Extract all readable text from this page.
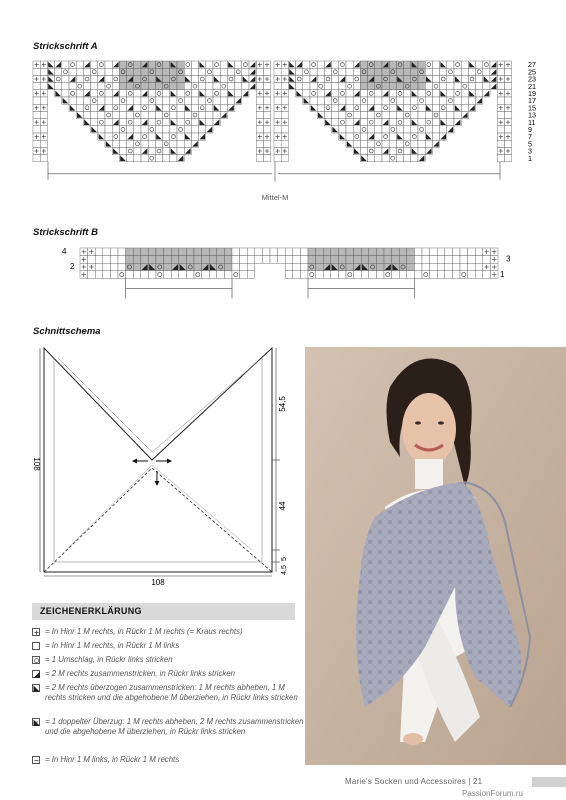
Strickschrift A
27
25
23
21
19
17
15
13
11
9
7
5
3
1
Mittel-M
Strickschrift B
4
2
3
1
Schnittschema
108
108
54,5
44
5
4,5
ZEICHENERKLÄRUNG
= In Hinr 1 M rechts, in Rückr 1 M rechts (= Kraus rechts)
= In Hinr 1 M rechts, in Rückr 1 M links
= 1 Umschlag, in Rückr links stricken
= 2 M rechts zusammenstricken, in Rückr links stricken
= 2 M rechts überzogen zusammenstricken: 1 M rechts abheben, 1 M rechts stricken und die abgehobene M überziehen, in Rückr links stricken
= 1 doppelter Überzug: 1 M rechts abheben, 2 M rechts zusammenstricken und die abgehobene M überziehen, in Rückr links stricken
= In Hinr 1 M links, in Rückr 1 M rechts
Marie's Socken und Accessoires | 21
PassionForum.ru
